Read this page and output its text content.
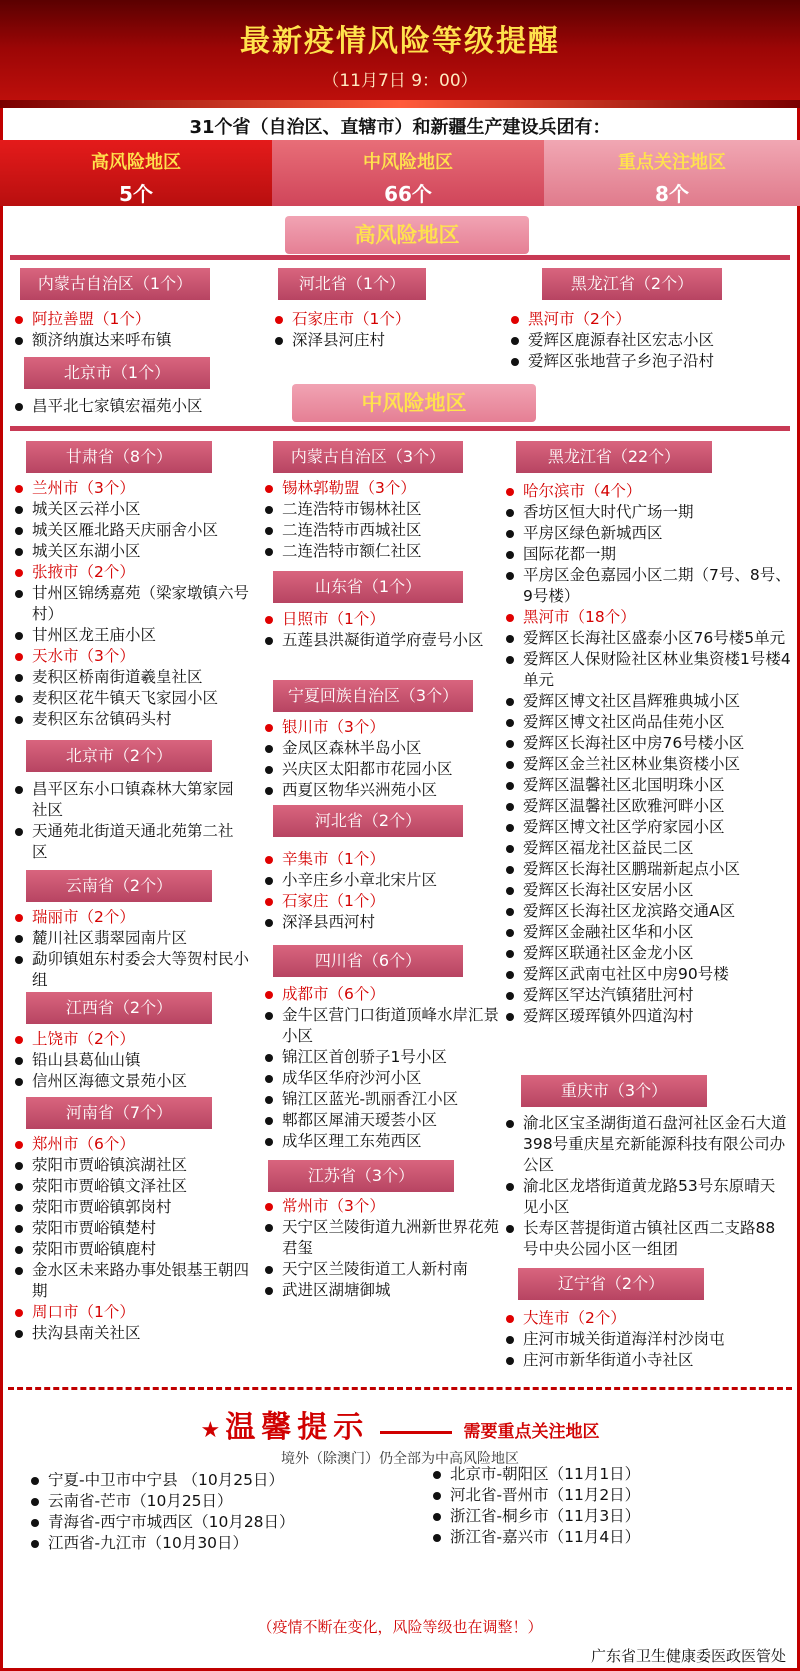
最新疫情风险等级提醒
（11月7日 9：00）
31个省（自治区、直辖市）和新疆生产建设兵团有：
高风险地区
5个
中风险地区
66个
重点关注地区
8个
高风险地区
内蒙古自治区（1个）
阿拉善盟（1个）
额济纳旗达来呼布镇
河北省（1个）
石家庄市（1个）
深泽县河庄村
黑龙江省（2个）
黑河市（2个）
爱辉区鹿源春社区宏志小区
爱辉区张地营子乡泡子沿村
北京市（1个）
昌平北七家镇宏福苑小区	中风险地区
甘肃省（8个）
兰州市（3个）
城关区云祥小区
城关区雁北路天庆丽舍小区
城关区东湖小区
张掖市（2个）
甘州区锦绣嘉苑（梁家墩镇六号村）
甘州区龙王庙小区
天水市（3个）
麦积区桥南街道羲皇社区
麦积区花牛镇天飞家园小区
麦积区东岔镇码头村
北京市（2个）
昌平区东小口镇森林大第家园社区
天通苑北街道天通北苑第二社区
云南省（2个）
瑞丽市（2个）
麓川社区翡翠园南片区
勐卯镇姐东村委会大等贺村民小组
江西省（2个）
上饶市（2个）
铅山县葛仙山镇
信州区海德文景苑小区
河南省（7个）
郑州市（6个）
荥阳市贾峪镇滨湖社区
荥阳市贾峪镇文泽社区
荥阳市贾峪镇郭岗村
荥阳市贾峪镇楚村
荥阳市贾峪镇鹿村
金水区未来路办事处银基王朝四期
周口市（1个）
扶沟县南关社区
内蒙古自治区（3个）
锡林郭勒盟（3个）
二连浩特市锡林社区
二连浩特市西城社区
二连浩特市额仁社区
山东省（1个）
日照市（1个）
五莲县洪凝街道学府壹号小区
宁夏回族自治区（3个）
银川市（3个）
金凤区森林半岛小区
兴庆区太阳都市花园小区
西夏区物华兴洲苑小区
河北省（2个）
辛集市（1个）
小辛庄乡小章北宋片区
石家庄（1个）
深泽县西河村
四川省（6个）
成都市（6个）
金牛区营门口街道顶峰水岸汇景小区
锦江区首创骄子1号小区
成华区华府沙河小区
锦江区蓝光-凯丽香江小区
郫都区犀浦天瑷荟小区
成华区理工东苑西区
江苏省（3个）
常州市（3个）
天宁区兰陵街道九洲新世界花苑君玺
天宁区兰陵街道工人新村南
武进区湖塘御城
黑龙江省（22个）
哈尔滨市（4个）
香坊区恒大时代广场一期
平房区绿色新城西区
国际花都一期
平房区金色嘉园小区二期（7号、8号、9号楼）
黑河市（18个）
爱辉区长海社区盛泰小区76号楼5单元
爱辉区人保财险社区林业集资楼1号楼4单元
爱辉区博文社区昌辉雅典城小区
爱辉区博文社区尚品佳苑小区
爱辉区长海社区中房76号楼小区
爱辉区金兰社区林业集资楼小区
爱辉区温馨社区北国明珠小区
爱辉区温馨社区欧雅河畔小区
爱辉区博文社区学府家园小区
爱辉区福龙社区益民二区
爱辉区长海社区鹏瑞新起点小区
爱辉区长海社区安居小区
爱辉区长海社区龙滨路交通A区
爱辉区金融社区华和小区
爱辉区联通社区金龙小区
爱辉区武南屯社区中房90号楼
爱辉区罕达汽镇猪肚河村
爱辉区瑷珲镇外四道沟村
重庆市（3个）
渝北区宝圣湖街道石盘河社区金石大道398号重庆星充新能源科技有限公司办公区
渝北区龙塔街道黄龙路53号东原晴天见小区
长寿区菩提街道古镇社区西二支路88号中央公园小区一组团
辽宁省（2个）
大连市（2个）
庄河市城关街道海洋村沙岗屯
庄河市新华街道小寺社区
★ 温馨提示	需要重点关注地区
境外（除澳门）仍全部为中高风险地区
宁夏-中卫市中宁县 （10月25日）
云南省-芒市（10月25日）
青海省-西宁市城西区（10月28日）
江西省-九江市（10月30日）
北京市-朝阳区（11月1日）
河北省-晋州市（11月2日）
浙江省-桐乡市（11月3日）
浙江省-嘉兴市（11月4日）
（疫情不断在变化，风险等级也在调整！）
广东省卫生健康委医政医管处
